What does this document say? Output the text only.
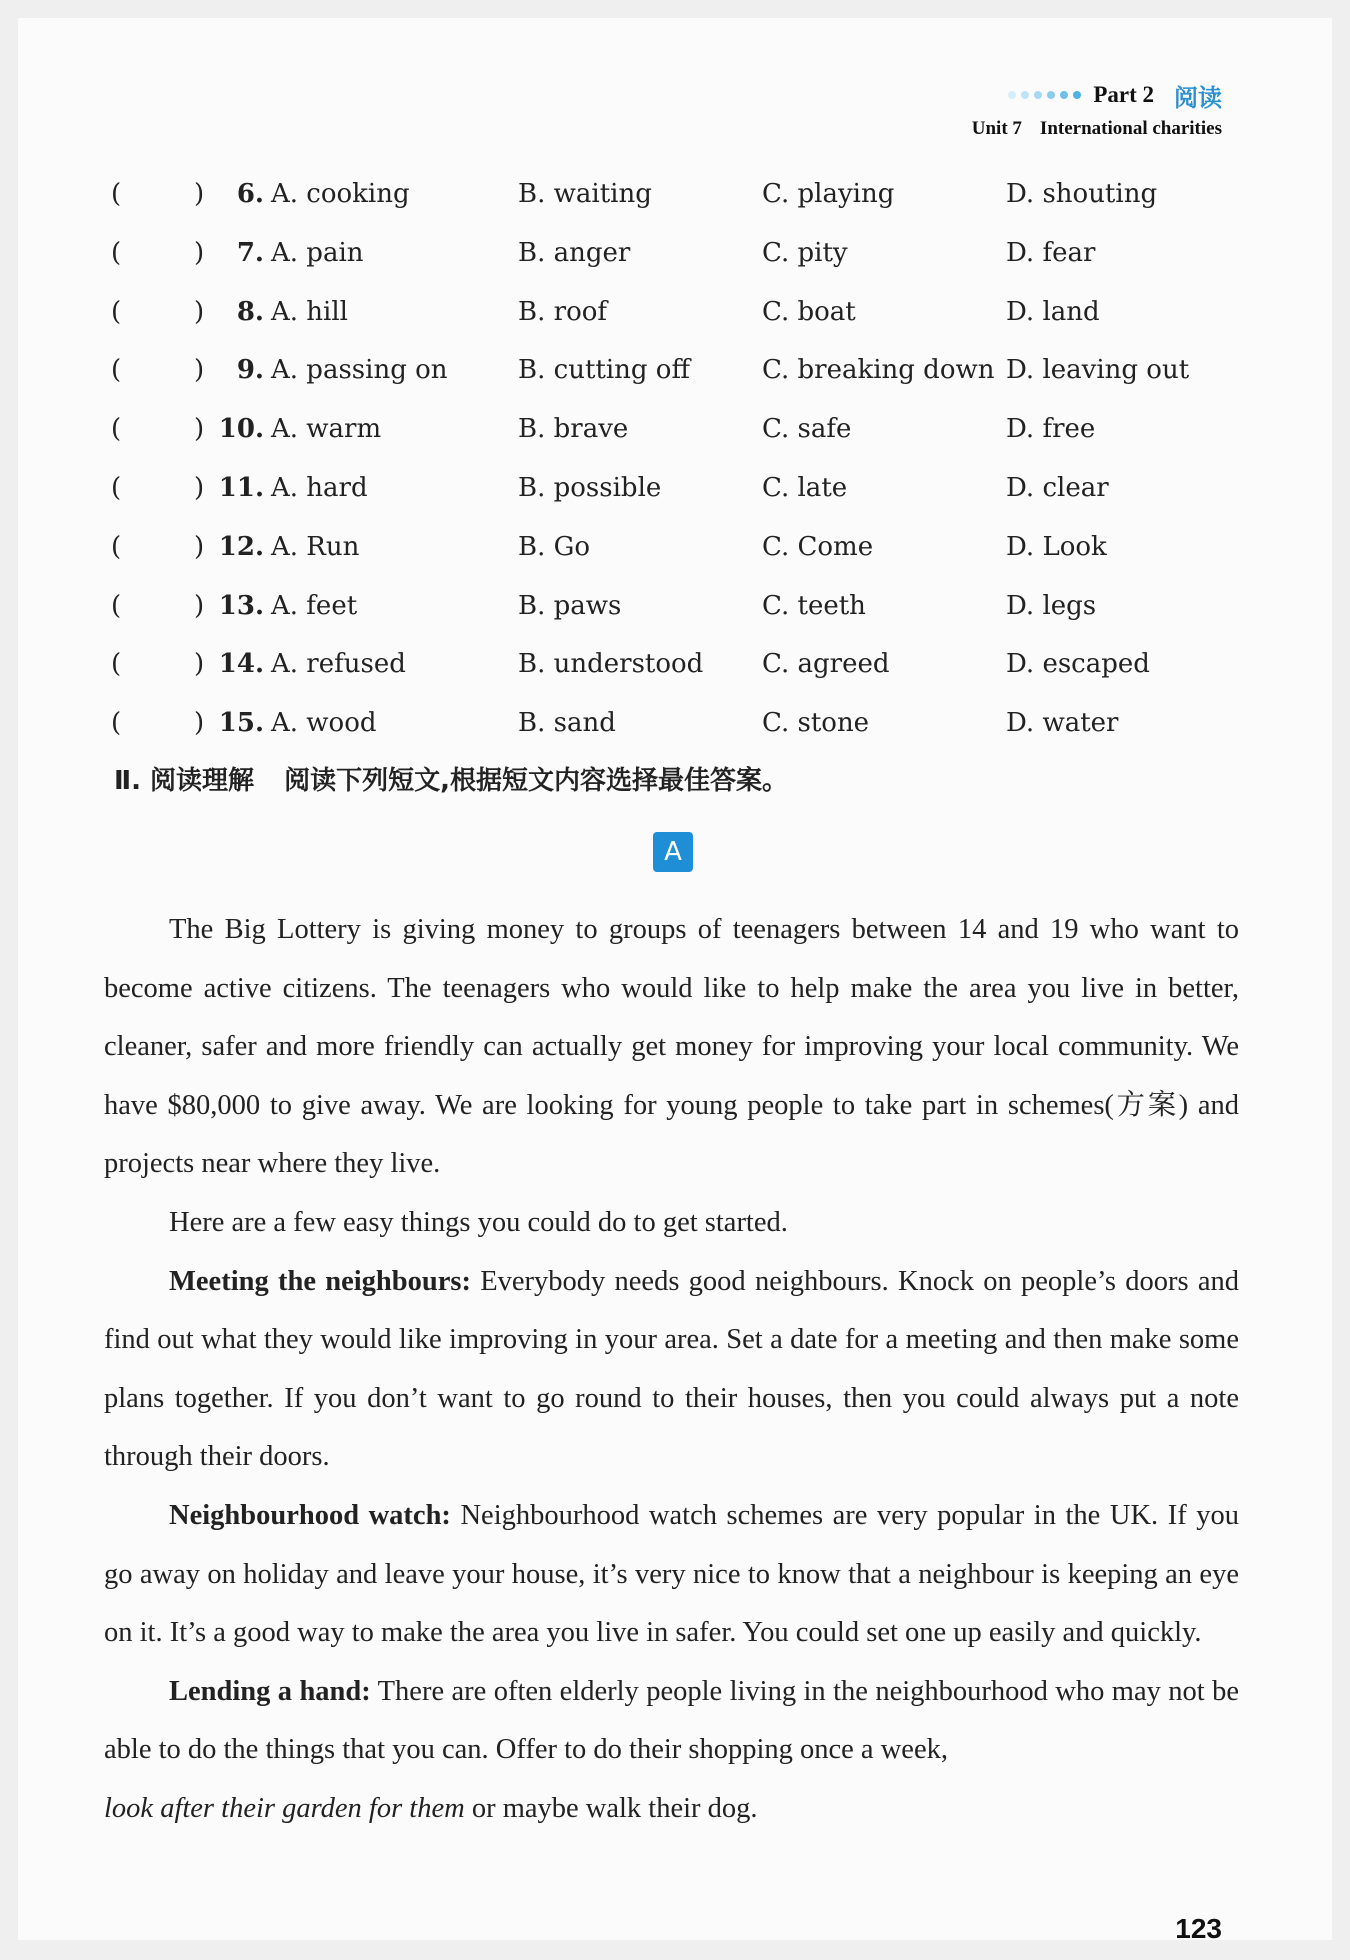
Part 2 阅读
Unit 7 International charities
(	)	6. A. cooking	B. waiting	C. playing	D. shouting
(	)	7. A. pain	B. anger	C. pity	D. fear
(	)	8. A. hill	B. roof	C. boat	D. land
(	)	9. A. passing on	B. cutting off	C. breaking down D. leaving out
(	) 10. A. warm	B. brave	C. safe	D. free
(	) 11. A. hard	B. possible	C. late	D. clear
(	) 12. A. Run	B. Go	C. Come	D. Look
(	) 13. A. feet	B. paws	C. teeth	D. legs
(	) 14. A. refused	B. understood C. agreed	D. escaped
(	) 15. A. wood	B. sand	C. stone	D. water
Ⅱ. 阅读理解 阅读下列短文,根据短文内容选择最佳答案。
A

The Big Lottery is giving money to groups of teenagers between 14 and 19 who want to become active citizens. The teenagers who would like to help make the area you live in better, cleaner, safer and more friendly can actually get money for improving your local community. We have $80,000 to give away. We are looking for young people to take part in schemes(方案) and projects near where they live.

Here are a few easy things you could do to get started.

Meeting the neighbours: Everybody needs good neighbours. Knock on people’s doors and find out what they would like improving in your area. Set a date for a meeting and then make some plans together. If you don’t want to go round to their houses, then you could always put a note through their doors.

Neighbourhood watch: Neighbourhood watch schemes are very popular in the UK. If you go away on holiday and leave your house, it’s very nice to know that a neighbour is keeping an eye on it. It’s a good way to make the area you live in safer. You could set one up easily and quickly.

Lending a hand: There are often elderly people living in the neighbourhood who may not be able to do the things that you can. Offer to do their shopping once a week,
look after their garden for them or maybe walk their dog.

123
